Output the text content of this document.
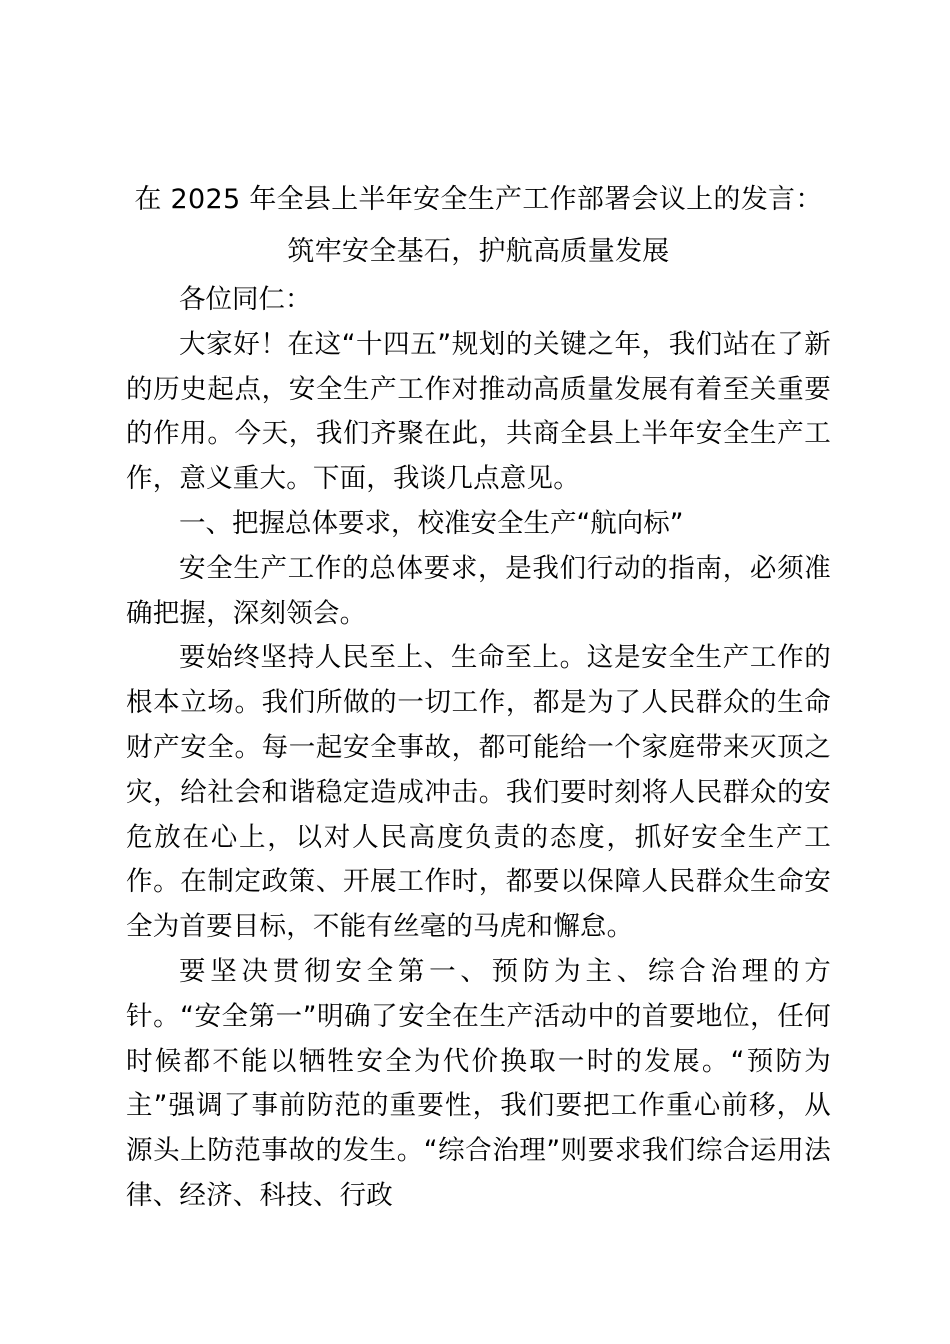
在 2025 年全县上半年安全生产工作部署会议上的发言：
筑牢安全基石，护航高质量发展

各位同仁：

大家好！在这“十四五”规划的关键之年，我们站在了新的历史起点，安全生产工作对推动高质量发展有着至关重要的作用。今天，我们齐聚在此，共商全县上半年安全生产工作，意义重大。下面，我谈几点意见。

一、把握总体要求，校准安全生产“航向标”

安全生产工作的总体要求，是我们行动的指南，必须准确把握，深刻领会。

要始终坚持人民至上、生命至上。这是安全生产工作的根本立场。我们所做的一切工作，都是为了人民群众的生命财产安全。每一起安全事故，都可能给一个家庭带来灭顶之灾，给社会和谐稳定造成冲击。我们要时刻将人民群众的安危放在心上，以对人民高度负责的态度，抓好安全生产工作。在制定政策、开展工作时，都要以保障人民群众生命安全为首要目标，不能有丝毫的马虎和懈怠。

要坚决贯彻安全第一、预防为主、综合治理的方针。“安全第一”明确了安全在生产活动中的首要地位，任何时候都不能以牺牲安全为代价换取一时的发展。“预防为主”强调了事前防范的重要性，我们要把工作重心前移，从源头上防范事故的发生。“综合治理”则要求我们综合运用法律、经济、科技、行政
